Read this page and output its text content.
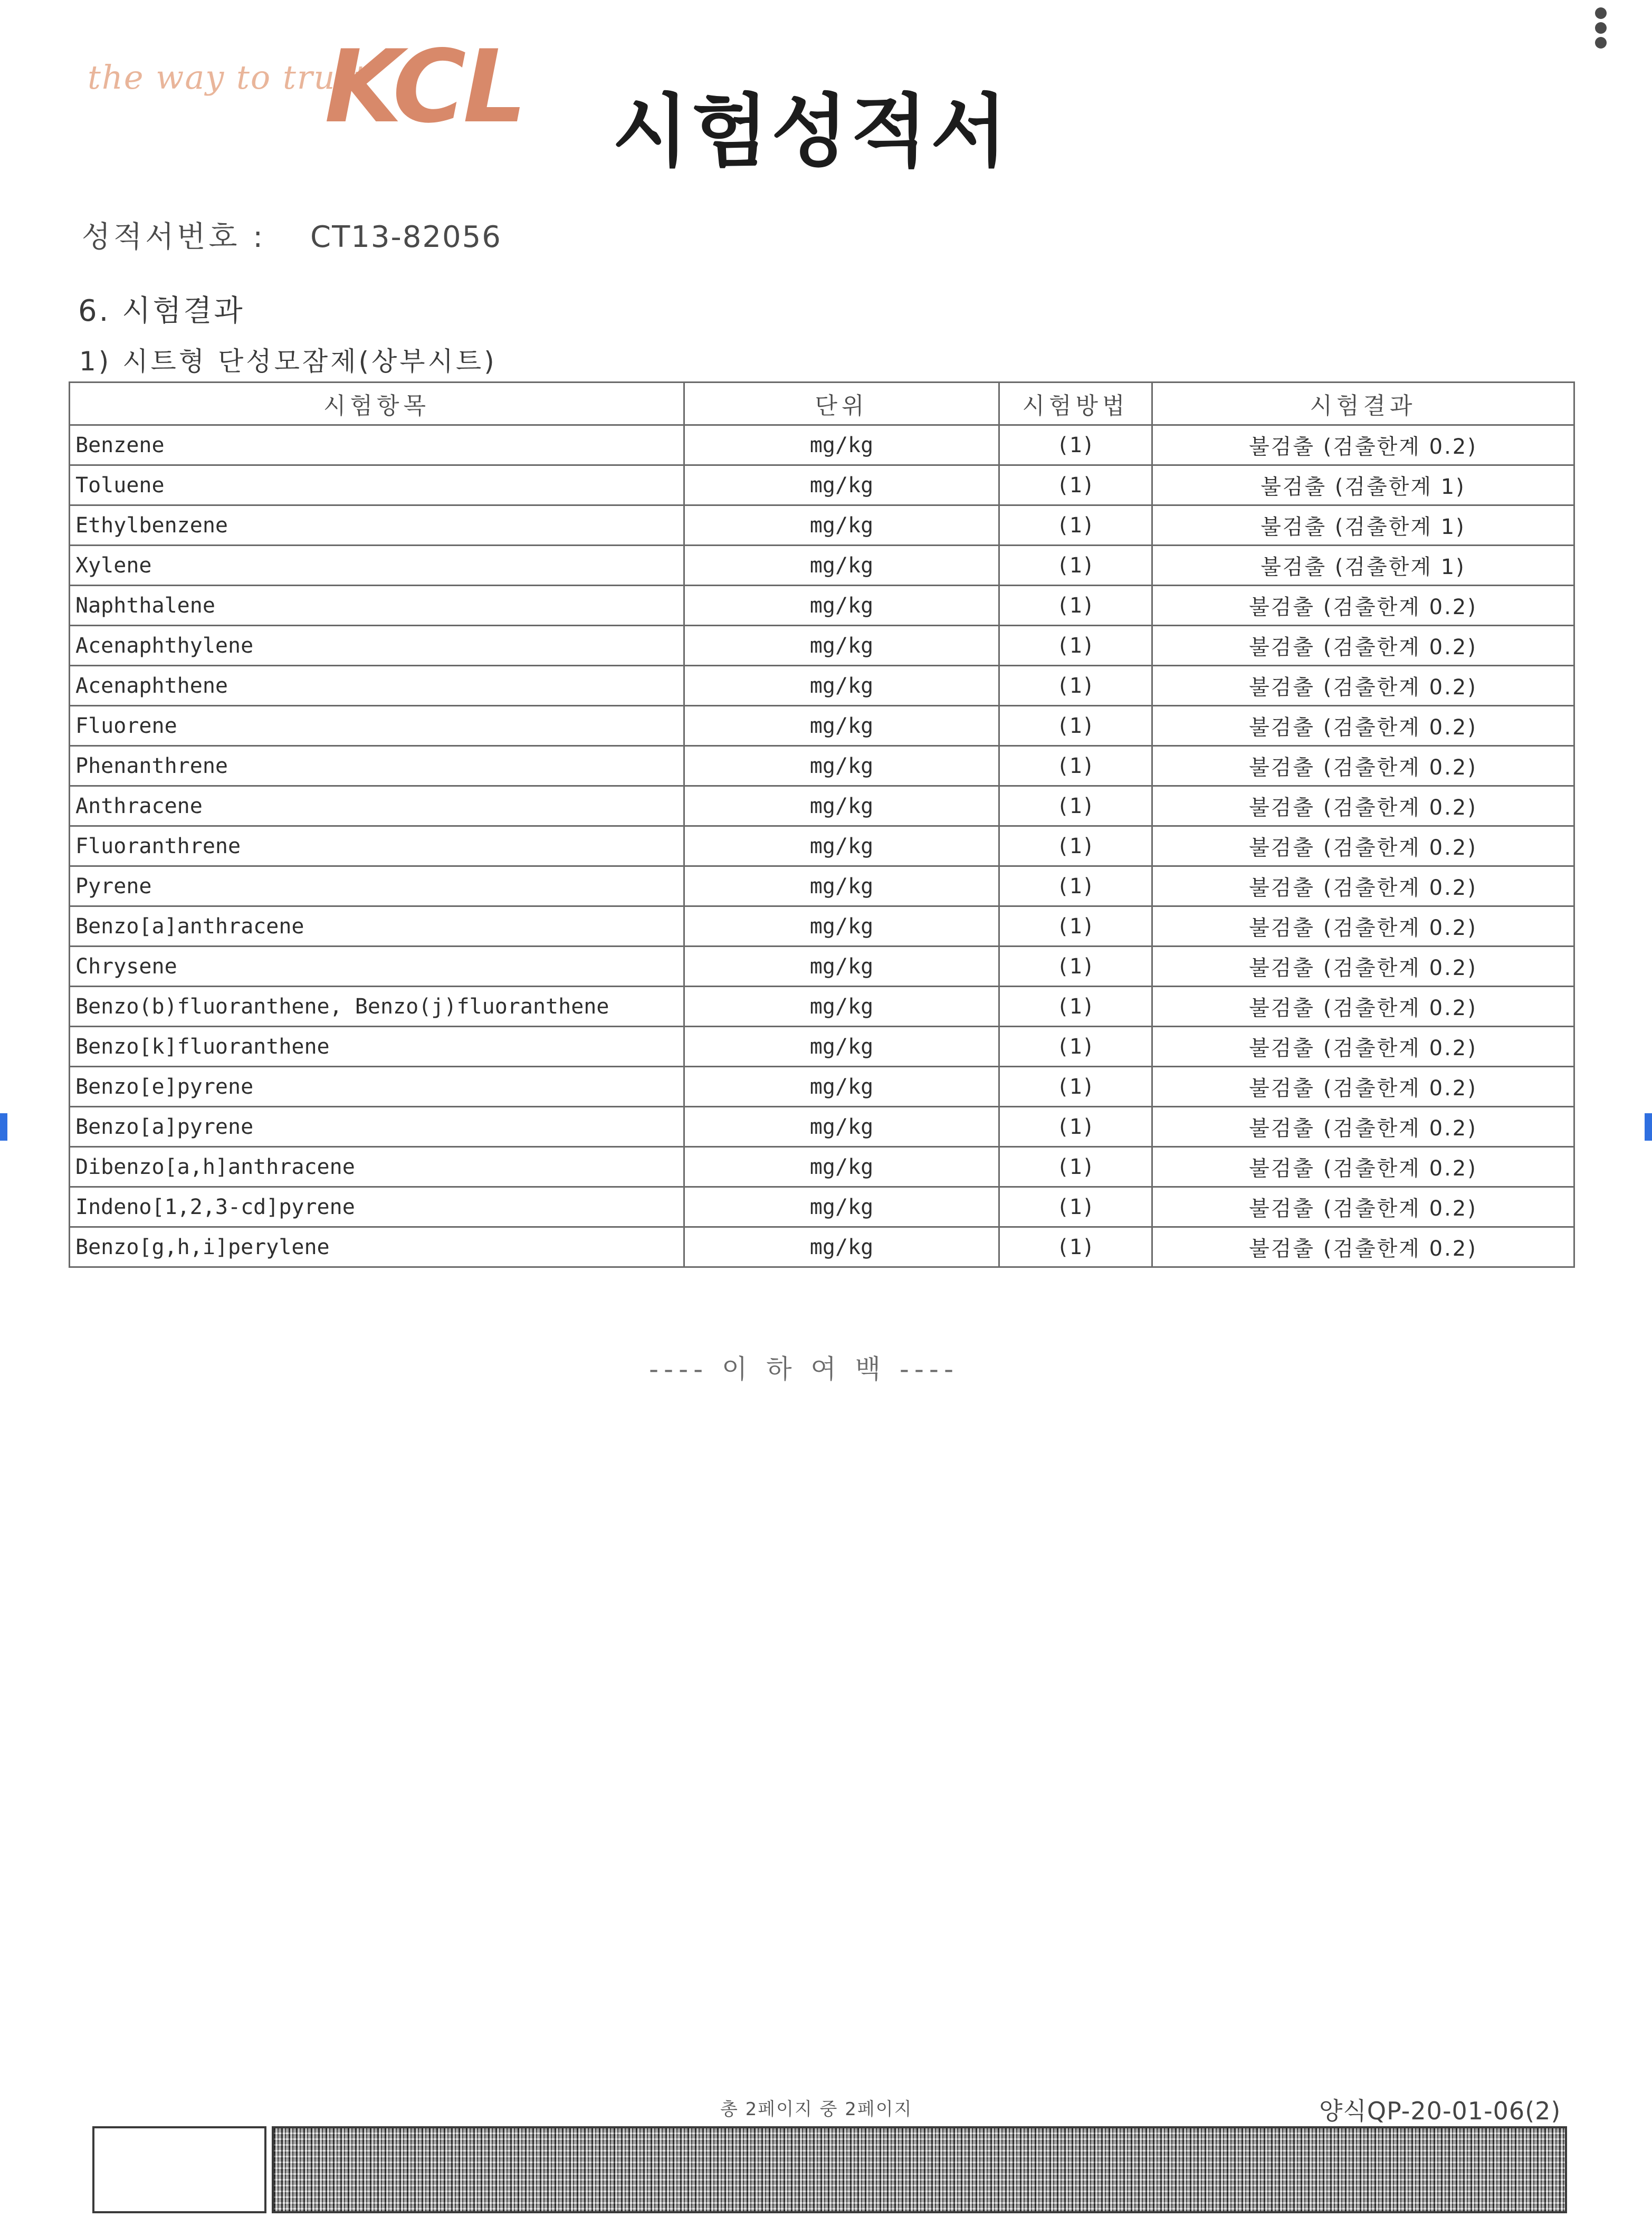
the way to trust
KCL 시험성적서
성적서번호 : CT13-82056
6. 시험결과
1) 시트형 단성모잠제(상부시트)
시험항목	단위	시험방법	시험결과
Benzene	mg/kg	(1)	불검출 (검출한계 0.2)
Toluene	mg/kg	(1)	불검출 (검출한계 1)
Ethylbenzene	mg/kg	(1)	불검출 (검출한계 1)
Xylene	mg/kg	(1)	불검출 (검출한계 1)
Naphthalene	mg/kg	(1)	불검출 (검출한계 0.2)
Acenaphthylene	mg/kg	(1)	불검출 (검출한계 0.2)
Acenaphthene	mg/kg	(1)	불검출 (검출한계 0.2)
Fluorene	mg/kg	(1)	불검출 (검출한계 0.2)
Phenanthrene	mg/kg	(1)	불검출 (검출한계 0.2)
Anthracene	mg/kg	(1)	불검출 (검출한계 0.2)
Fluoranthrene	mg/kg	(1)	불검출 (검출한계 0.2)
Pyrene	mg/kg	(1)	불검출 (검출한계 0.2)
Benzo[a]anthracene	mg/kg	(1)	불검출 (검출한계 0.2)
Chrysene	mg/kg	(1)	불검출 (검출한계 0.2)
Benzo(b)fluoranthene, Benzo(j)fluoranthene	mg/kg	(1)	불검출 (검출한계 0.2)
Benzo[k]fluoranthene	mg/kg	(1)	불검출 (검출한계 0.2)
Benzo[e]pyrene	mg/kg	(1)	불검출 (검출한계 0.2)
Benzo[a]pyrene	mg/kg	(1)	불검출 (검출한계 0.2)
Dibenzo[a,h]anthracene	mg/kg	(1)	불검출 (검출한계 0.2)
Indeno[1,2,3-cd]pyrene	mg/kg	(1)	불검출 (검출한계 0.2)
Benzo[g,h,i]perylene	mg/kg	(1)	불검출 (검출한계 0.2)
---- 이 하 여 백 ----
총 2페이지 중 2페이지	양식QP-20-01-06(2)
